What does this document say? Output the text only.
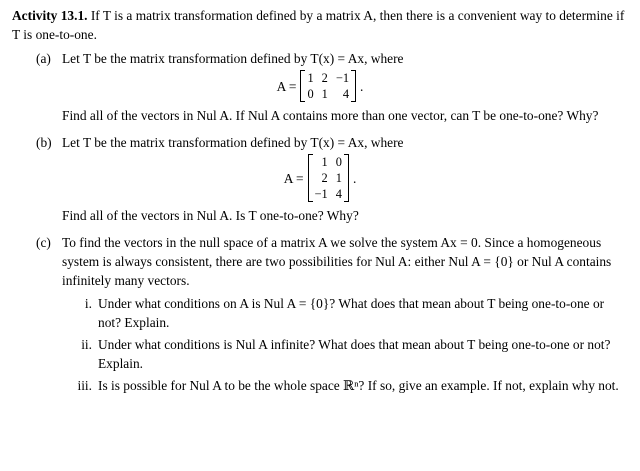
Activity 13.1. If T is a matrix transformation defined by a matrix A, then there is a convenient way to determine if T is one-to-one.

(a) Let T be the matrix transformation defined by T(x) = Ax, where
A =
1 2 −1
0 1	4
.

Find all of the vectors in Nul A. If Nul A contains more than one vector, can T be one-to-one? Why?

(b) Let T be the matrix transformation defined by T(x) = Ax, where
A =
1 0
2 1
−1 4
.

Find all of the vectors in Nul A. Is T one-to-one? Why?

(c) To find the vectors in the null space of a matrix A we solve the system Ax = 0. Since a homogeneous system is always consistent, there are two possibilities for Nul A: either Nul A = {0} or Nul A contains infinitely many vectors.
i. Under what conditions on A is Nul A = {0}? What does that mean about T being one-to-one or not? Explain.
ii. Under what conditions is Nul A infinite? What does that mean about T being one-to-one or not? Explain.
iii. Is is possible for Nul A to be the whole space ℝⁿ? If so, give an example. If not, explain why not.
